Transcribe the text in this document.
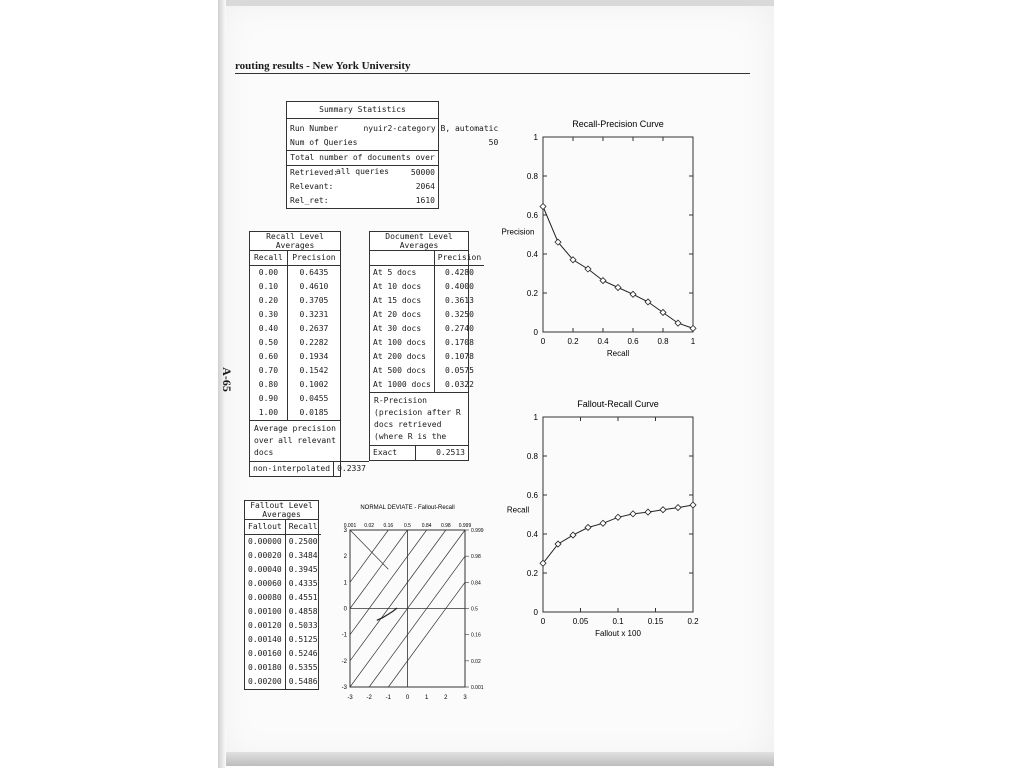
routing results - New York University
A-65
Summary Statistics
Run Number	nyuir2-category B, automatic
Num of Queries	50
Total number of documents over all queries
Retrieved:	50000
Relevant:	2064
Rel_ret:	1610
Recall Level Averages
Recall	Precision
0.00	0.6435
0.10	0.4610
0.20	0.3705
0.30	0.3231
0.40	0.2637
0.50	0.2282
0.60	0.1934
0.70	0.1542
0.80	0.1002
0.90	0.0455
1.00	0.0185
Average precision over all relevant docs
non-interpolated	0.2337
Document Level Averages
	Precision
At 5 docs	0.4280
At 10 docs	0.4000
At 15 docs	0.3613
At 20 docs	0.3250
At 30 docs	0.2740
At 100 docs	0.1708
At 200 docs	0.1078
At 500 docs	0.0575
At 1000 docs	0.0322
R-Precision (precision after R docs retrieved (where R is the
Exact	0.2513
Fallout Level Averages
Fallout	Recall
0.00000	0.2500
0.00020	0.3484
0.00040	0.3945
0.00060	0.4335
0.00080	0.4551
0.00100	0.4858
0.00120	0.5033
0.00140	0.5125
0.00160	0.5246
0.00180	0.5355
0.00200	0.5486
Recall-Precision Curve
0	0.2 0.4 0.6 0.8	1
0
0.2
0.4
0.6
0.8
1
Recall
Precision
Fallout-Recall Curve
0	0.05	0.1	0.15	0.2
0
0.2
0.4
0.6
0.8
1
Fallout x 100
Recall
NORMAL DEVIATE - Fallout-Recall
0.001 0.02 0.16 0.5 0.84 0.98 0.999
-3 -2 -1 0	1	2	3
3
2
1
0
-1
-2
-3
0.999
0.98
0.84
0.5
0.16
0.02
0.001
